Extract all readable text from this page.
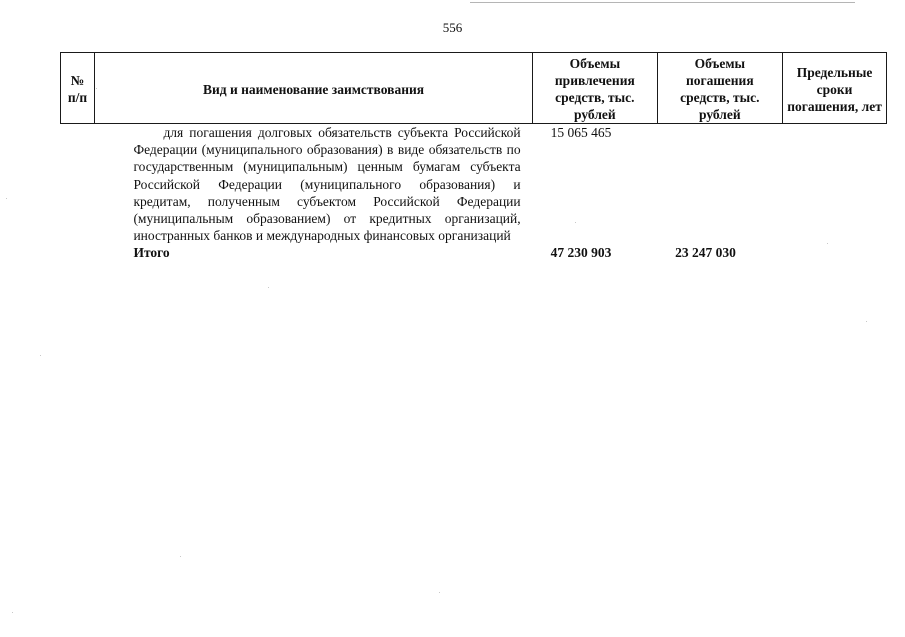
556
№ п/п	Вид и наименование заимствования	Объемы привлечения средств, тыс. рублей	Объемы погашения средств, тыс. рублей	Предельные сроки погашения, лет

	для погашения долговых обязательств субъекта Российской Федерации (муниципального образования) в виде обязательств по государственным (муниципальным) ценным бумагам субъекта Российской Федерации (муниципального образования) и кредитам, полученным субъектом Российской Федерации (муниципальным образованием) от кредитных организаций, иностранных банков и международных финансовых организаций	15 065 465		
	Итого	47 230 903	23 247 030	
